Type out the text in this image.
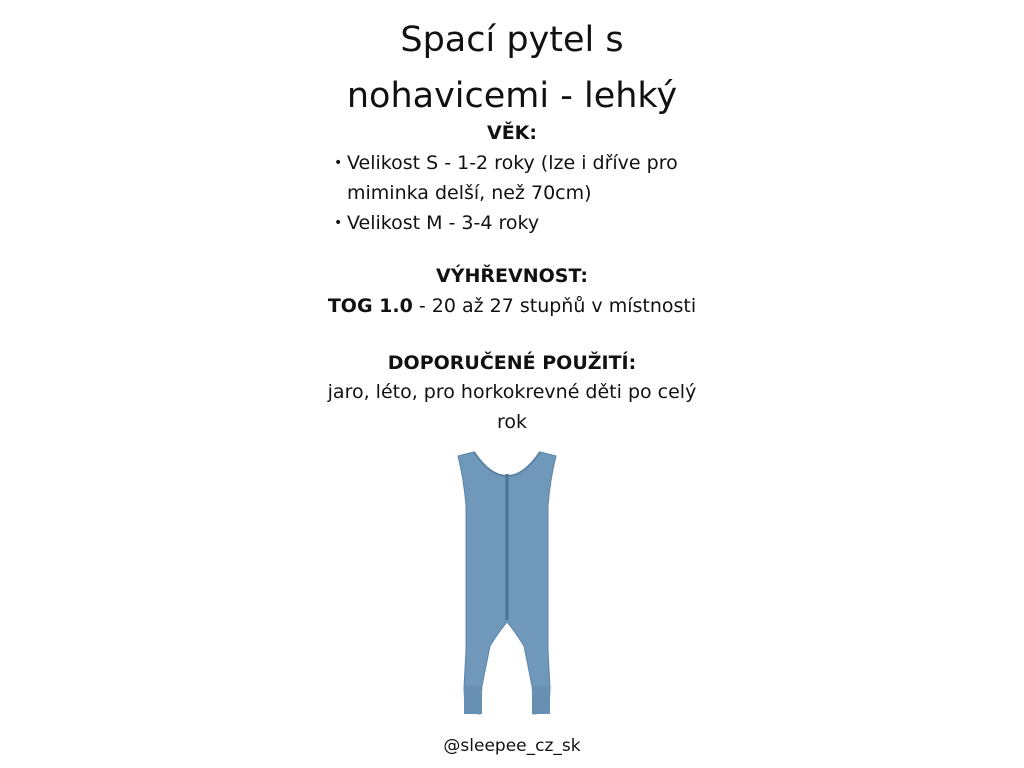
Spací pytel s
nohavicemi - lehký
VĚK:
• Velikost S - 1-2 roky (lze i dříve pro miminka delší, než 70cm)
• Velikost M - 3-4 roky
VÝHŘEVNOST:
TOG 1.0 - 20 až 27 stupňů v místnosti
DOPORUČENÉ POUŽITÍ:
jaro, léto, pro horkokrevné děti po celý rok
@sleepee_cz_sk
